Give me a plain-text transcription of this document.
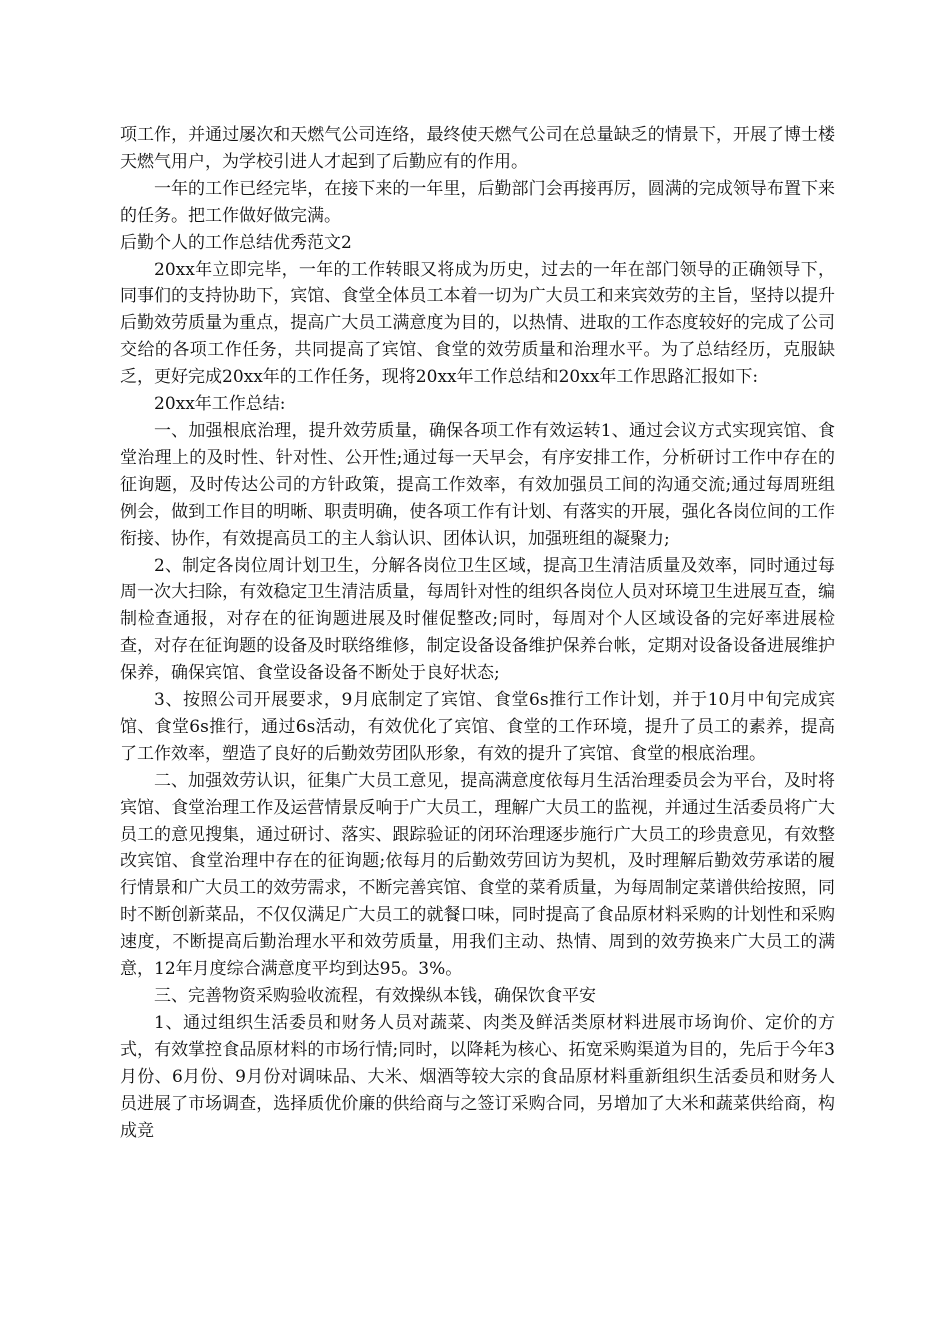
项工作，并通过屡次和天燃气公司连络，最终使天燃气公司在总量缺乏的情景下，开展了博士楼天燃气用户，为学校引进人才起到了后勤应有的作用。

一年的工作已经完毕，在接下来的一年里，后勤部门会再接再厉，圆满的完成领导布置下来的任务。把工作做好做完满。

后勤个人的工作总结优秀范文2

20xx年立即完毕，一年的工作转眼又将成为历史，过去的一年在部门领导的正确领导下，同事们的支持协助下，宾馆、食堂全体员工本着一切为广大员工和来宾效劳的主旨，坚持以提升后勤效劳质量为重点，提高广大员工满意度为目的，以热情、进取的工作态度较好的完成了公司交给的各项工作任务，共同提高了宾馆、食堂的效劳质量和治理水平。为了总结经历，克服缺乏，更好完成20xx年的工作任务，现将20xx年工作总结和20xx年工作思路汇报如下:

20xx年工作总结:

一、加强根底治理，提升效劳质量，确保各项工作有效运转1、通过会议方式实现宾馆、食堂治理上的及时性、针对性、公开性;通过每一天早会，有序安排工作，分析研讨工作中存在的征询题，及时传达公司的方针政策，提高工作效率，有效加强员工间的沟通交流;通过每周班组例会，做到工作目的明晰、职责明确，使各项工作有计划、有落实的开展，强化各岗位间的工作衔接、协作，有效提高员工的主人翁认识、团体认识，加强班组的凝聚力;

2、制定各岗位周计划卫生，分解各岗位卫生区域，提高卫生清洁质量及效率，同时通过每周一次大扫除，有效稳定卫生清洁质量，每周针对性的组织各岗位人员对环境卫生进展互查，编制检查通报，对存在的征询题进展及时催促整改;同时，每周对个人区域设备的完好率进展检查，对存在征询题的设备及时联络维修，制定设备设备维护保养台帐，定期对设备设备进展维护保养，确保宾馆、食堂设备设备不断处于良好状态;

3、按照公司开展要求，9月底制定了宾馆、食堂6s推行工作计划，并于10月中旬完成宾馆、食堂6s推行，通过6s活动，有效优化了宾馆、食堂的工作环境，提升了员工的素养，提高了工作效率，塑造了良好的后勤效劳团队形象，有效的提升了宾馆、食堂的根底治理。

二、加强效劳认识，征集广大员工意见，提高满意度依每月生活治理委员会为平台，及时将宾馆、食堂治理工作及运营情景反响于广大员工，理解广大员工的监视，并通过生活委员将广大员工的意见搜集，通过研讨、落实、跟踪验证的闭环治理逐步施行广大员工的珍贵意见，有效整改宾馆、食堂治理中存在的征询题;依每月的后勤效劳回访为契机，及时理解后勤效劳承诺的履行情景和广大员工的效劳需求，不断完善宾馆、食堂的菜肴质量，为每周制定菜谱供给按照，同时不断创新菜品，不仅仅满足广大员工的就餐口味，同时提高了食品原材料采购的计划性和采购速度，不断提高后勤治理水平和效劳质量，用我们主动、热情、周到的效劳换来广大员工的满意，12年月度综合满意度平均到达95。3%。

三、完善物资采购验收流程，有效操纵本钱，确保饮食平安

1、通过组织生活委员和财务人员对蔬菜、肉类及鲜活类原材料进展市场询价、定价的方式，有效掌控食品原材料的市场行情;同时，以降耗为核心、拓宽采购渠道为目的，先后于今年3月份、6月份、9月份对调味品、大米、烟酒等较大宗的食品原材料重新组织生活委员和财务人员进展了市场调查，选择质优价廉的供给商与之签订采购合同，另增加了大米和蔬菜供给商，构成竞
